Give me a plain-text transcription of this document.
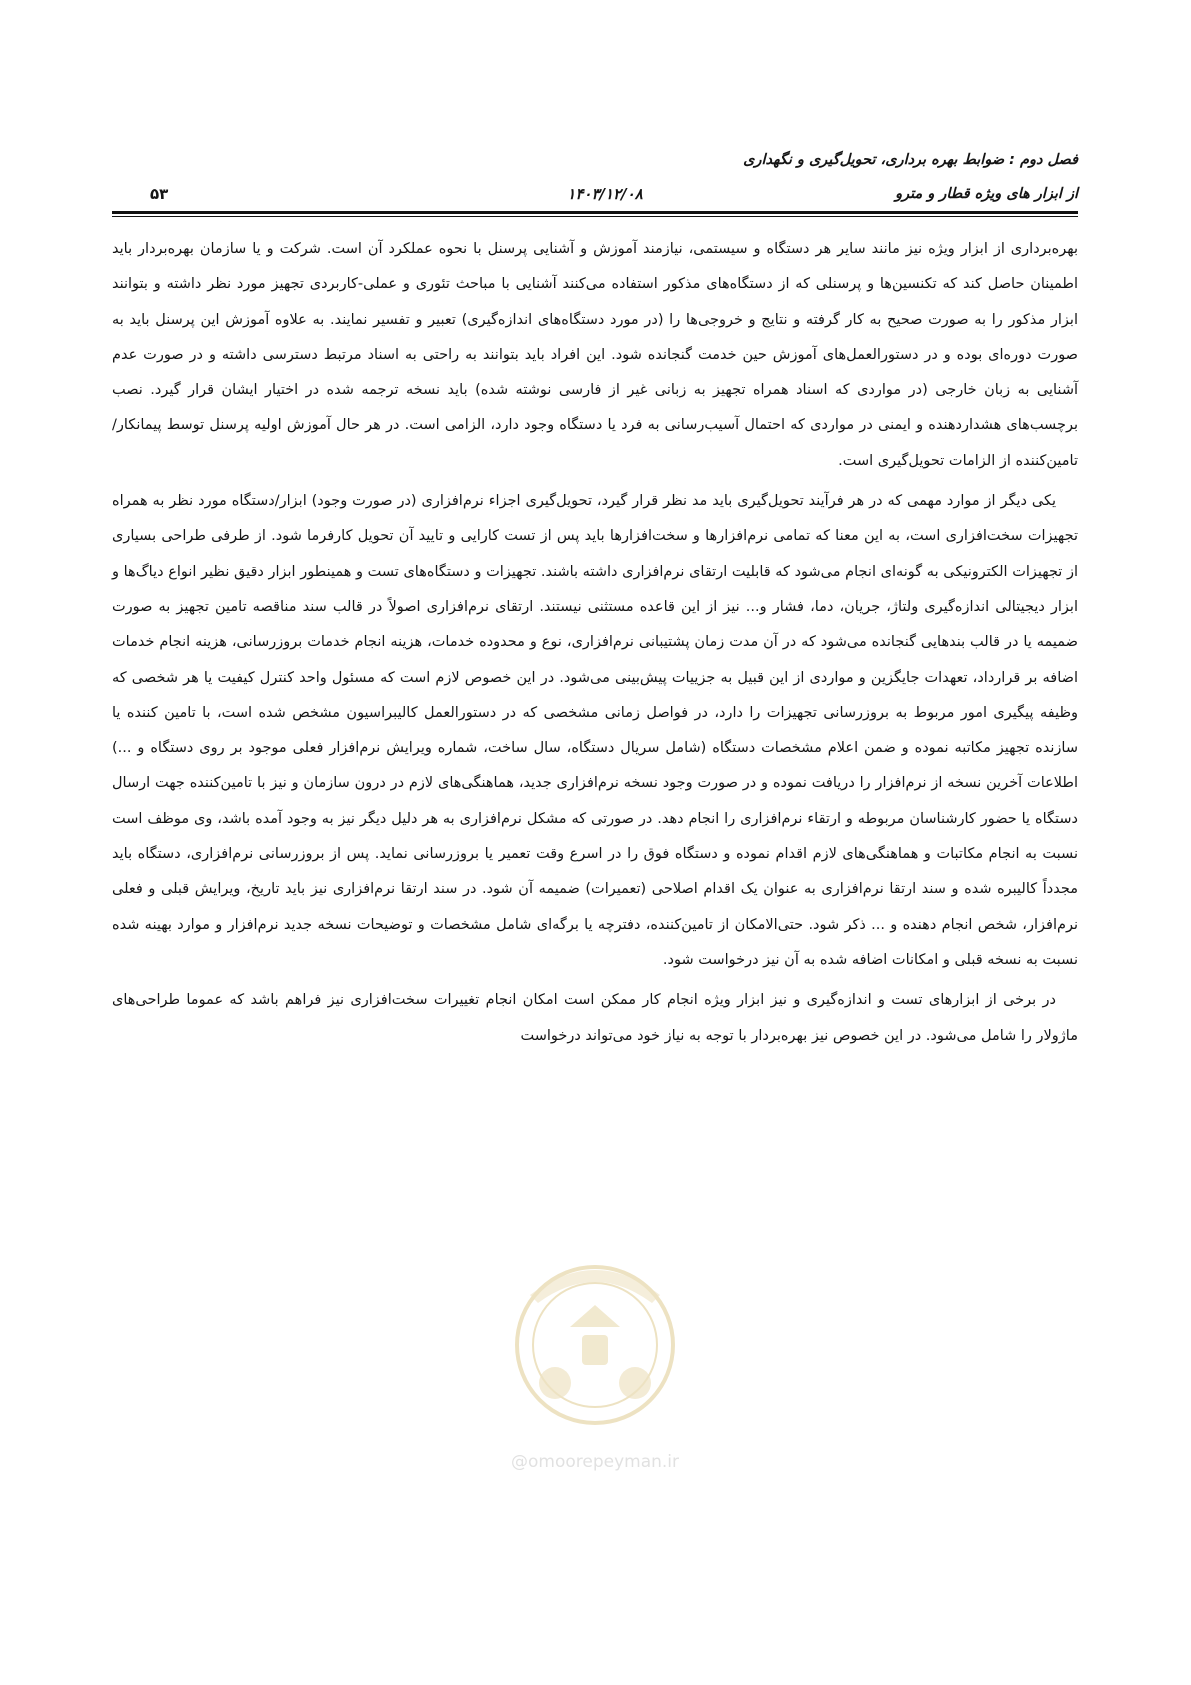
فصل دوم : ضوابط بهره برداری، تحویل‌گیری و نگهداری
از ابزار های ویژه قطار و مترو
۱۴۰۳/۱۲/۰۸
۵۳

بهره‌برداری از ابزار ویژه نیز مانند سایر هر دستگاه و سیستمی، نیازمند آموزش و آشنایی پرسنل با نحوه عملکرد آن است. شرکت و یا سازمان بهره‌بردار باید اطمینان حاصل کند که تکنسین‌ها و پرسنلی که از دستگاه‌های مذکور استفاده می‌کنند آشنایی با مباحث تئوری و عملی-کاربردی تجهیز مورد نظر داشته و بتوانند ابزار مذکور را به صورت صحیح به کار گرفته و نتایج و خروجی‌ها را (در مورد دستگاه‌های اندازه‌گیری) تعبیر و تفسیر نمایند. به علاوه آموزش این پرسنل باید به صورت دوره‌ای بوده و در دستورالعمل‌های آموزش حین خدمت گنجانده شود. این افراد باید بتوانند به راحتی به اسناد مرتبط دسترسی داشته و در صورت عدم آشنایی به زبان خارجی (در مواردی که اسناد همراه تجهیز به زبانی غیر از فارسی نوشته شده) باید نسخه ترجمه شده در اختیار ایشان قرار گیرد. نصب برچسب‌های هشداردهنده و ایمنی در مواردی که احتمال آسیب‌رسانی به فرد یا دستگاه وجود دارد، الزامی است. در هر حال آموزش اولیه پرسنل توسط پیمانکار/تامین‌کننده از الزامات تحویل‌گیری است.

یکی دیگر از موارد مهمی که در هر فرآیند تحویل‌گیری باید مد نظر قرار گیرد، تحویل‌گیری اجزاء نرم‌افزاری (در صورت وجود) ابزار/دستگاه مورد نظر به همراه تجهیزات سخت‌افزاری است، به این معنا که تمامی نرم‌افزارها و سخت‌افزارها باید پس از تست کارایی و تایید آن تحویل کارفرما شود. از طرفی طراحی بسیاری از تجهیزات الکترونیکی به گونه‌ای انجام می‌شود که قابلیت ارتقای نرم‌افزاری داشته باشند. تجهیزات و دستگاه‌های تست و همینطور ابزار دقیق نظیر انواع دیاگ‌ها و ابزار دیجیتالی اندازه‌گیری ولتاژ، جریان، دما، فشار و... نیز از این قاعده مستثنی نیستند. ارتقای نرم‌افزاری اصولاً در قالب سند مناقصه تامین تجهیز به صورت ضمیمه یا در قالب بندهایی گنجانده می‌شود که در آن مدت زمان پشتیبانی نرم‌افزاری، نوع و محدوده خدمات، هزینه انجام خدمات بروزرسانی، هزینه انجام خدمات اضافه بر قرارداد، تعهدات جایگزین و مواردی از این قبیل به جزییات پیش‌بینی می‌شود. در این خصوص لازم است که مسئول واحد کنترل کیفیت یا هر شخصی که وظیفه پیگیری امور مربوط به بروزرسانی تجهیزات را دارد، در فواصل زمانی مشخصی که در دستورالعمل کالیبراسیون مشخص شده است، با تامین کننده یا سازنده تجهیز مکاتبه نموده و ضمن اعلام مشخصات دستگاه (شامل سریال دستگاه، سال ساخت، شماره ویرایش نرم‌افزار فعلی موجود بر روی دستگاه و ...) اطلاعات آخرین نسخه از نرم‌افزار را دریافت نموده و در صورت وجود نسخه نرم‌افزاری جدید، هماهنگی‌های لازم در درون سازمان و نیز با تامین‌کننده جهت ارسال دستگاه یا حضور کارشناسان مربوطه و ارتقاء نرم‌افزاری را انجام دهد. در صورتی که مشکل نرم‌افزاری به هر دلیل دیگر نیز به وجود آمده باشد، وی موظف است نسبت به انجام مکاتبات و هماهنگی‌های لازم اقدام نموده و دستگاه فوق را در اسرع وقت تعمیر یا بروزرسانی نماید. پس از بروزرسانی نرم‌افزاری، دستگاه باید مجدداً کالیبره شده و سند ارتقا نرم‌افزاری به عنوان یک اقدام اصلاحی (تعمیرات) ضمیمه آن شود. در سند ارتقا نرم‌افزاری نیز باید تاریخ، ویرایش قبلی و فعلی نرم‌افزار، شخص انجام دهنده و ... ذکر شود. حتی‌الامکان از تامین‌کننده، دفترچه یا برگه‌ای شامل مشخصات و توضیحات نسخه جدید نرم‌افزار و موارد بهینه شده نسبت به نسخه قبلی و امکانات اضافه شده به آن نیز درخواست شود.

در برخی از ابزارهای تست و اندازه‌گیری و نیز ابزار ویژه انجام کار ممکن است امکان انجام تغییرات سخت‌افزاری نیز فراهم باشد که عموما طراحی‌های ماژولار را شامل می‌شود. در این خصوص نیز بهره‌بردار با توجه به نیاز خود می‌تواند درخواست

@omoorepeyman.ir
